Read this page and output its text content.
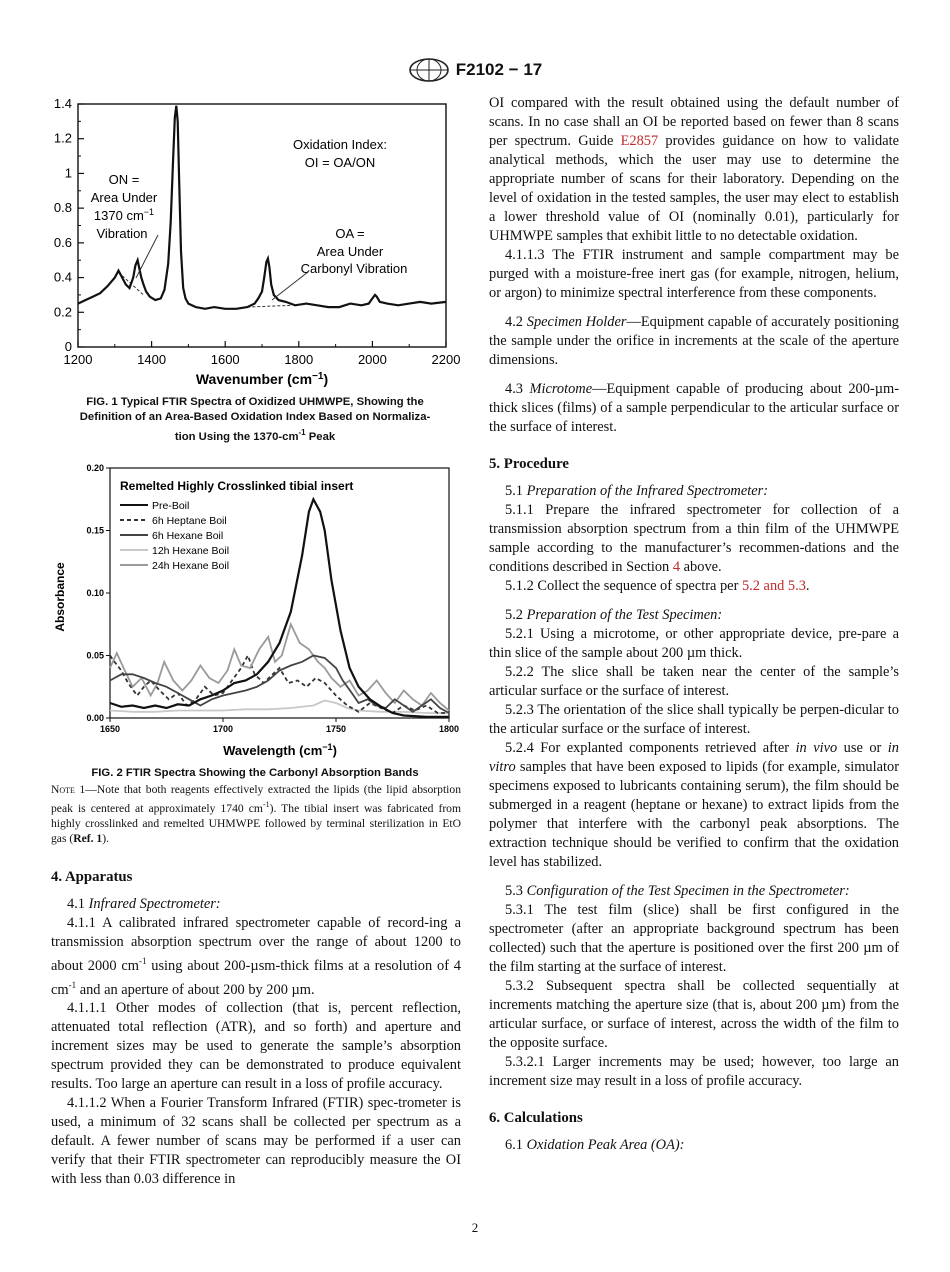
F2102 − 17
1200	1400	1600	1800	2000	2200
0
0.2
0.4
0.6
0.8
1
1.2
1.4
Oxidation Index:
OI = OA/ON
ON =
Area Under
1370 $cm^{-1}$
Vibration	OA =
Area Under
Carbonyl Vibration
Wavenumber $(cm^{-1})$
FIG. 1 Typical FTIR Spectra of Oxidized UHMWPE, Showing the
Definition of an Area-Based Oxidation Index Based on Normaliza-
tion Using the $1370-cm^{-1}$ Peak
1650	1700	1750	1800
0.00
0.05
0.10
0.15
0.20
Remelted Highly Crosslinked tibial insert
Pre-Boil
6h Heptane Boil
6h Hexane Boil
12h Hexane Boil
24h Hexane Boil
Absorbance
Wavelength $(cm^{-1})$
FIG. 2 FTIR Spectra Showing the Carbonyl Absorption Bands

Note 1—Note that both reagents effectively extracted the lipids (the lipid absorption peak is centered at approximately 1740 $cm^{-1}$). The tibial insert was fabricated from highly crosslinked and remelted UHMWPE followed by terminal sterilization in EtO gas (Ref. 1).

4. Apparatus

4.1 Infrared Spectrometer:

4.1.1 A calibrated infrared spectrometer capable of record-ing a transmission absorption spectrum over the range of about 1200 to about 2000 $cm^{-1}$ using about 200-µsm-thick films at a resolution of 4 $cm^{-1}$ and an aperture of about 200 by 200 µm.

4.1.1.1 Other modes of collection (that is, percent reflection, attenuated total reflection (ATR), and so forth) and aperture and increment sizes may be used to generate the sample’s absorption spectrum provided they can be demonstrated to produce equivalent results. Too large an aperture can result in a loss of profile accuracy.

4.1.1.2 When a Fourier Transform Infrared (FTIR) spec-trometer is used, a minimum of 32 scans shall be collected per spectrum as a default. A fewer number of scans may be performed if a user can verify that their FTIR spectrometer can reproducibly measure the OI with less than 0.03 difference in

OI compared with the result obtained using the default number of scans. In no case shall an OI be reported based on fewer than 8 scans per spectrum. Guide E2857 provides guidance on how to validate analytical methods, which the user may use to determine the appropriate number of scans for their laboratory. Depending on the level of oxidation in the tested samples, the user may elect to establish a lower threshold value of OI (nominally 0.01), particularly for UHMWPE samples that exhibit little to no detectable oxidation.

4.1.1.3 The FTIR instrument and sample compartment may be purged with a moisture-free inert gas (for example, nitrogen, helium, or argon) to minimize spectral interference from these components.

4.2 Specimen Holder—Equipment capable of accurately positioning the sample under the orifice in increments at the scale of the aperture dimensions.

4.3 Microtome—Equipment capable of producing about 200-µm-thick slices (films) of a sample perpendicular to the articular surface or the surface of interest.

5. Procedure

5.1 Preparation of the Infrared Spectrometer:

5.1.1 Prepare the infrared spectrometer for collection of a transmission absorption spectrum from a thin film of the UHMWPE sample according to the manufacturer’s recommen-dations and the conditions described in Section 4 above.

5.1.2 Collect the sequence of spectra per 5.2 and 5.3.

5.2 Preparation of the Test Specimen:

5.2.1 Using a microtome, or other appropriate device, pre-pare a thin slice of the sample about 200 µm thick.

5.2.2 The slice shall be taken near the center of the sample’s articular surface or the surface of interest.

5.2.3 The orientation of the slice shall typically be perpen-dicular to the articular surface or the surface of interest.

5.2.4 For explanted components retrieved after in vivo use or in vitro samples that have been exposed to lipids (for example, simulator specimens exposed to lubricants containing serum), the film should be submerged in a reagent (heptane or hexane) to extract lipids from the polymer that interfere with the carbonyl peak absorptions. The extraction technique should be verified to confirm that the oxidation level has stabilized.

5.3 Configuration of the Test Specimen in the Spectrometer:

5.3.1 The test film (slice) shall be first configured in the spectrometer (after an appropriate background spectrum has been collected) such that the aperture is positioned over the first 200 µm of the film starting at the surface of interest.

5.3.2 Subsequent spectra shall be collected sequentially at increments matching the aperture size (that is, about 200 µm) from the articular surface, or surface of interest, across the width of the film to the opposite surface.

5.3.2.1 Larger increments may be used; however, too large an increment size may result in a loss of profile accuracy.

6. Calculations

6.1 Oxidation Peak Area (OA):

2
